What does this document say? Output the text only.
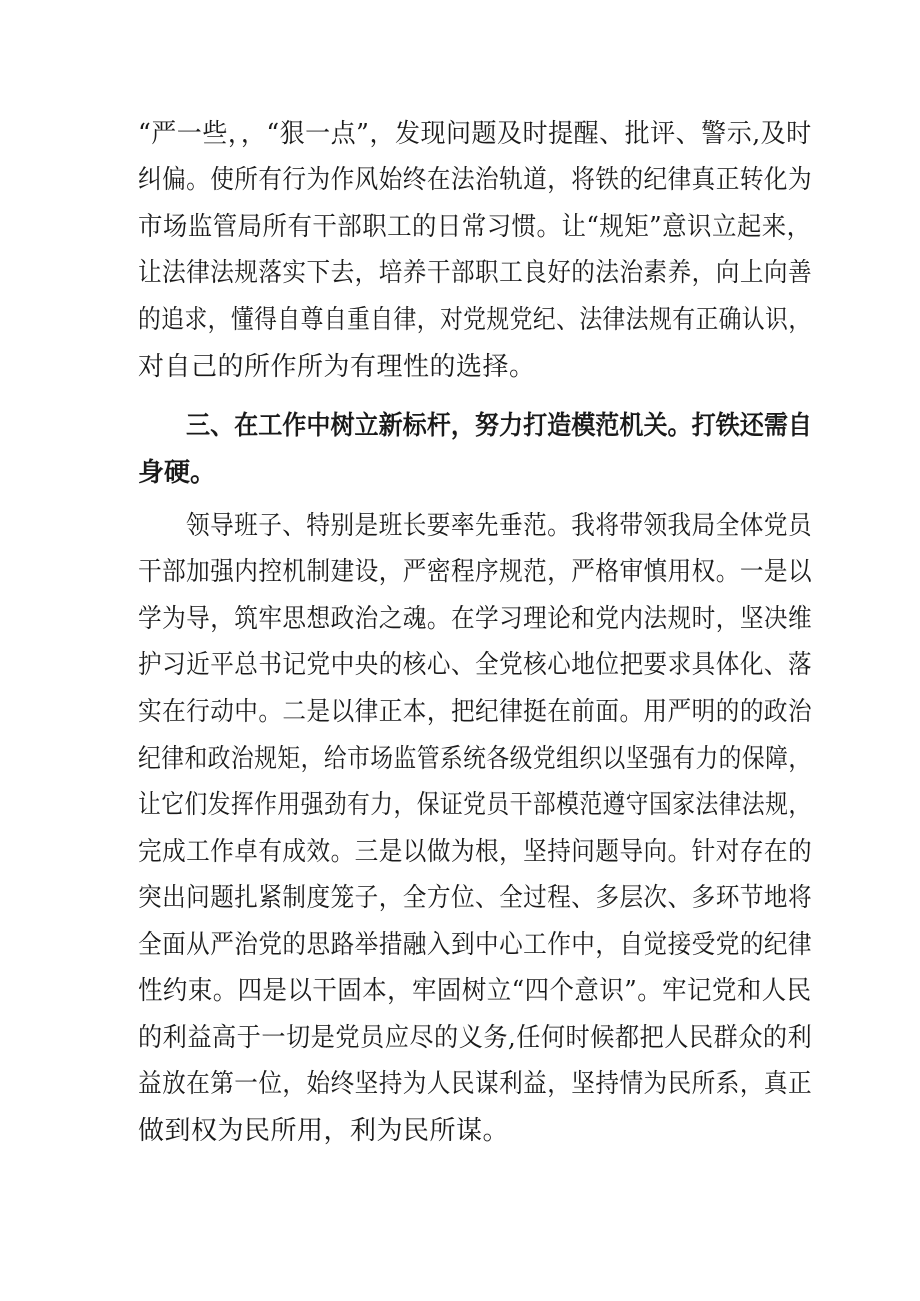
“严一些，，“狠一点”，发现问题及时提醒、批评、警示,及时
纠偏。使所有行为作风始终在法治轨道，将铁的纪律真正转化为
市场监管局所有干部职工的日常习惯。让“规矩”意识立起来，
让法律法规落实下去，培养干部职工良好的法治素养，向上向善
的追求，懂得自尊自重自律，对党规党纪、法律法规有正确认识，
对自己的所作所为有理性的选择。
三、在工作中树立新标杆，努力打造模范机关。打铁还需自
身硬。
领导班子、特别是班长要率先垂范。我将带领我局全体党员
干部加强内控机制建设，严密程序规范，严格审慎用权。一是以
学为导，筑牢思想政治之魂。在学习理论和党内法规时，坚决维
护习近平总书记党中央的核心、全党核心地位把要求具体化、落
实在行动中。二是以律正本，把纪律挺在前面。用严明的的政治
纪律和政治规矩，给市场监管系统各级党组织以坚强有力的保障，
让它们发挥作用强劲有力，保证党员干部模范遵守国家法律法规，
完成工作卓有成效。三是以做为根，坚持问题导向。针对存在的
突出问题扎紧制度笼子，全方位、全过程、多层次、多环节地将
全面从严治党的思路举措融入到中心工作中，自觉接受党的纪律
性约束。四是以干固本，牢固树立“四个意识”。牢记党和人民
的利益高于一切是党员应尽的义务,任何时候都把人民群众的利
益放在第一位，始终坚持为人民谋利益，坚持情为民所系，真正
做到权为民所用，利为民所谋。
